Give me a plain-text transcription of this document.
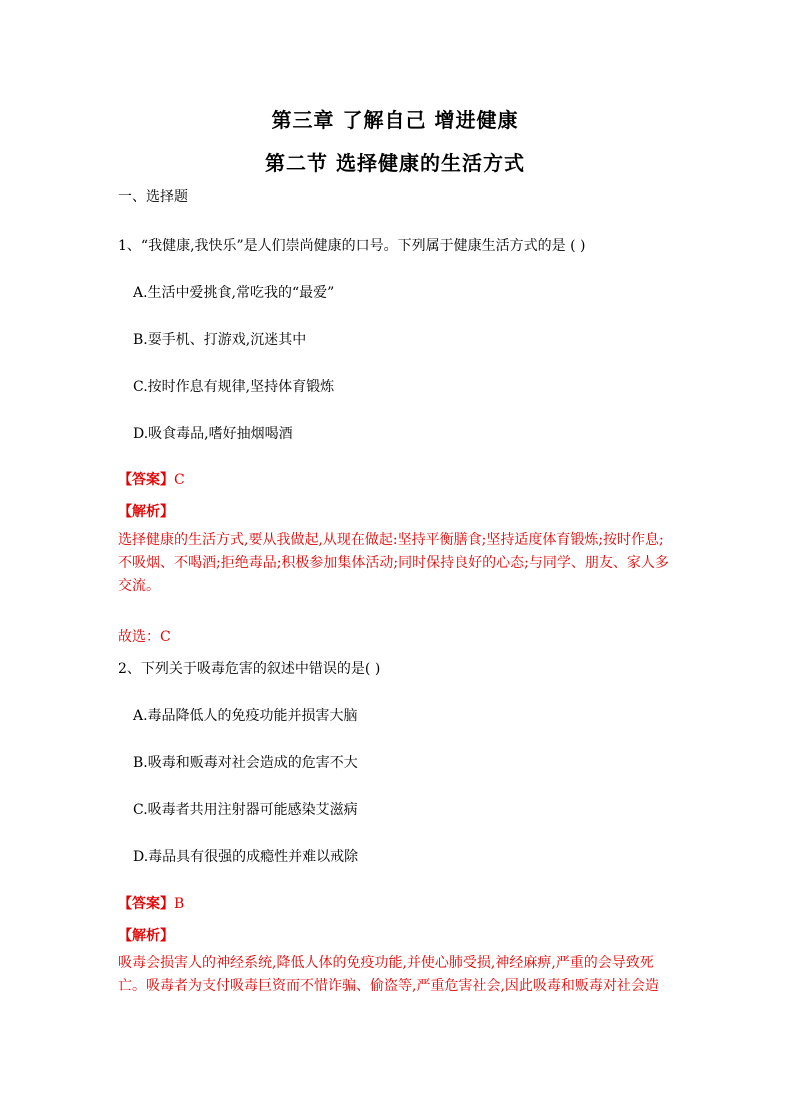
第三章 了解自己 增进健康
第二节 选择健康的生活方式
一、选择题
1、“我健康,我快乐”是人们崇尚健康的口号。下列属于健康生活方式的是 ( )
A.生活中爱挑食,常吃我的“最爱”
B.耍手机、打游戏,沉迷其中
C.按时作息有规律,坚持体育锻炼
D.吸食毒品,嗜好抽烟喝酒
【答案】C
【解析】
选择健康的生活方式,要从我做起,从现在做起:坚持平衡膳食;坚持适度体育锻炼;按时作息;
不吸烟、不喝酒;拒绝毒品;积极参加集体活动;同时保持良好的心态;与同学、朋友、家人多
交流。
故选：C
2、下列关于吸毒危害的叙述中错误的是( )
A.毒品降低人的免疫功能并损害大脑
B.吸毒和贩毒对社会造成的危害不大
C.吸毒者共用注射器可能感染艾滋病
D.毒品具有很强的成瘾性并难以戒除
【答案】B
【解析】
吸毒会损害人的神经系统,降低人体的免疫功能,并使心肺受损,神经麻痹,严重的会导致死
亡。吸毒者为支付吸毒巨资而不惜诈骗、偷盗等,严重危害社会,因此吸毒和贩毒对社会造
